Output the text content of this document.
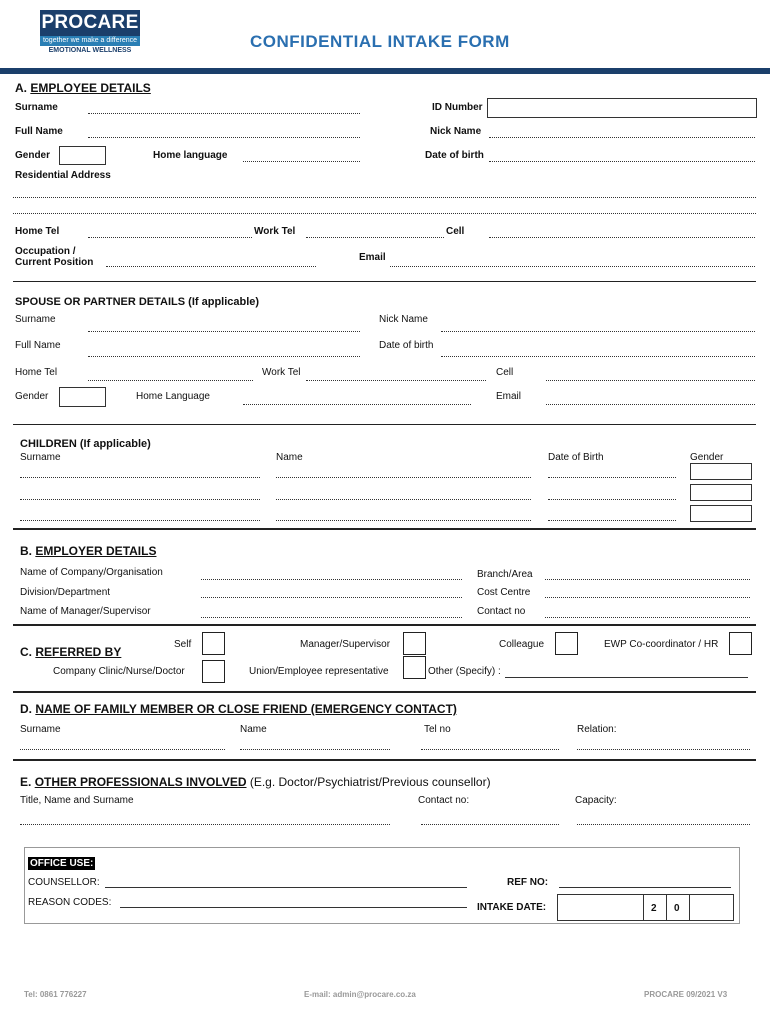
PROCARE
together we make a difference
EMOTIONAL WELLNESS	CONFIDENTIAL INTAKE FORM
A. EMPLOYEE DETAILS
Surname	ID Number
Full Name	Nick Name
Gender	Home language	Date of birth
Residential Address
Home Tel	Work Tel	Cell
Occupation /
Current Position	Email
SPOUSE OR PARTNER DETAILS (If applicable)
Surname	Nick Name
Full Name	Date of birth
Home Tel	Work Tel	Cell
Gender	Home Language	Email
CHILDREN (If applicable)
Surname	Name	Date of Birth	Gender
B. EMPLOYER DETAILS
Name of Company/Organisation	Branch/Area
Division/Department	Cost Centre
Name of Manager/Supervisor	Contact no
C. REFERRED BY
Self	Manager/Supervisor	Colleague	EWP Co-coordinator / HR
Company Clinic/Nurse/Doctor	Union/Employee representative	Other (Specify) :
D. NAME OF FAMILY MEMBER OR CLOSE FRIEND (EMERGENCY CONTACT)
Surname	Name	Tel no	Relation:
E. OTHER PROFESSIONALS INVOLVED (E.g. Doctor/Psychiatrist/Previous counsellor)
Title, Name and Surname	Contact no:	Capacity:
OFFICE USE:
COUNSELLOR:	REF NO:
REASON CODES:	INTAKE DATE:	2 0
Tel: 0861 776227	E-mail: admin@procare.co.za	PROCARE 09/2021 V3
